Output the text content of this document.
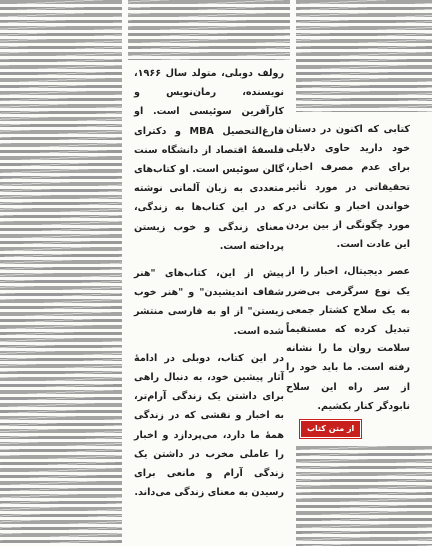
رولف دوبلی، متولد سال ۱۹۶۶، نویسنده، رمان‌نویس و کارآفرین سوئیسی است. او فارغ‌التحصیل MBA و دکترای فلسفهٔ اقتصاد از دانشگاه سنت گالن سوئیس است. او کتاب‌های متعددی به زبان آلمانی نوشته که در این کتاب‌ها به زندگی، معنای زندگی و خوب زیستن پرداخته است.

پیش از این، کتاب‌های "هنر شفاف اندیشیدن" و "هنر خوب زیستن" از او به فارسی منتشر شده است.

در این کتاب، دوبلی در ادامهٔ آثار پیشین خود، به دنبال راهی برای داشتن یک زندگی آرام‌تر، به اخبار و نقشی که در زندگی همهٔ ما دارد، می‌پردازد و اخبار را عاملی مخرب در داشتن یک زندگی آرام و مانعی برای رسیدن به معنای زندگی می‌داند.

کتابی که اکنون در دستان خود دارید حاوی دلایلی برای عدم مصرف اخبار، تحقیقاتی در مورد تأثیر خواندن اخبار و نکاتی در مورد چگونگی از بین بردن این عادت است.

عصر دیجیتال، اخبار را از یک نوع سرگرمی بی‌ضرر به یک سلاح کشتار جمعی تبدیل کرده که مستقیماً سلامت روان ما را نشانه رفته است. ما باید خود را از سر راه این سلاح نابودگر کنار بکشیم.

از متن کتاب
